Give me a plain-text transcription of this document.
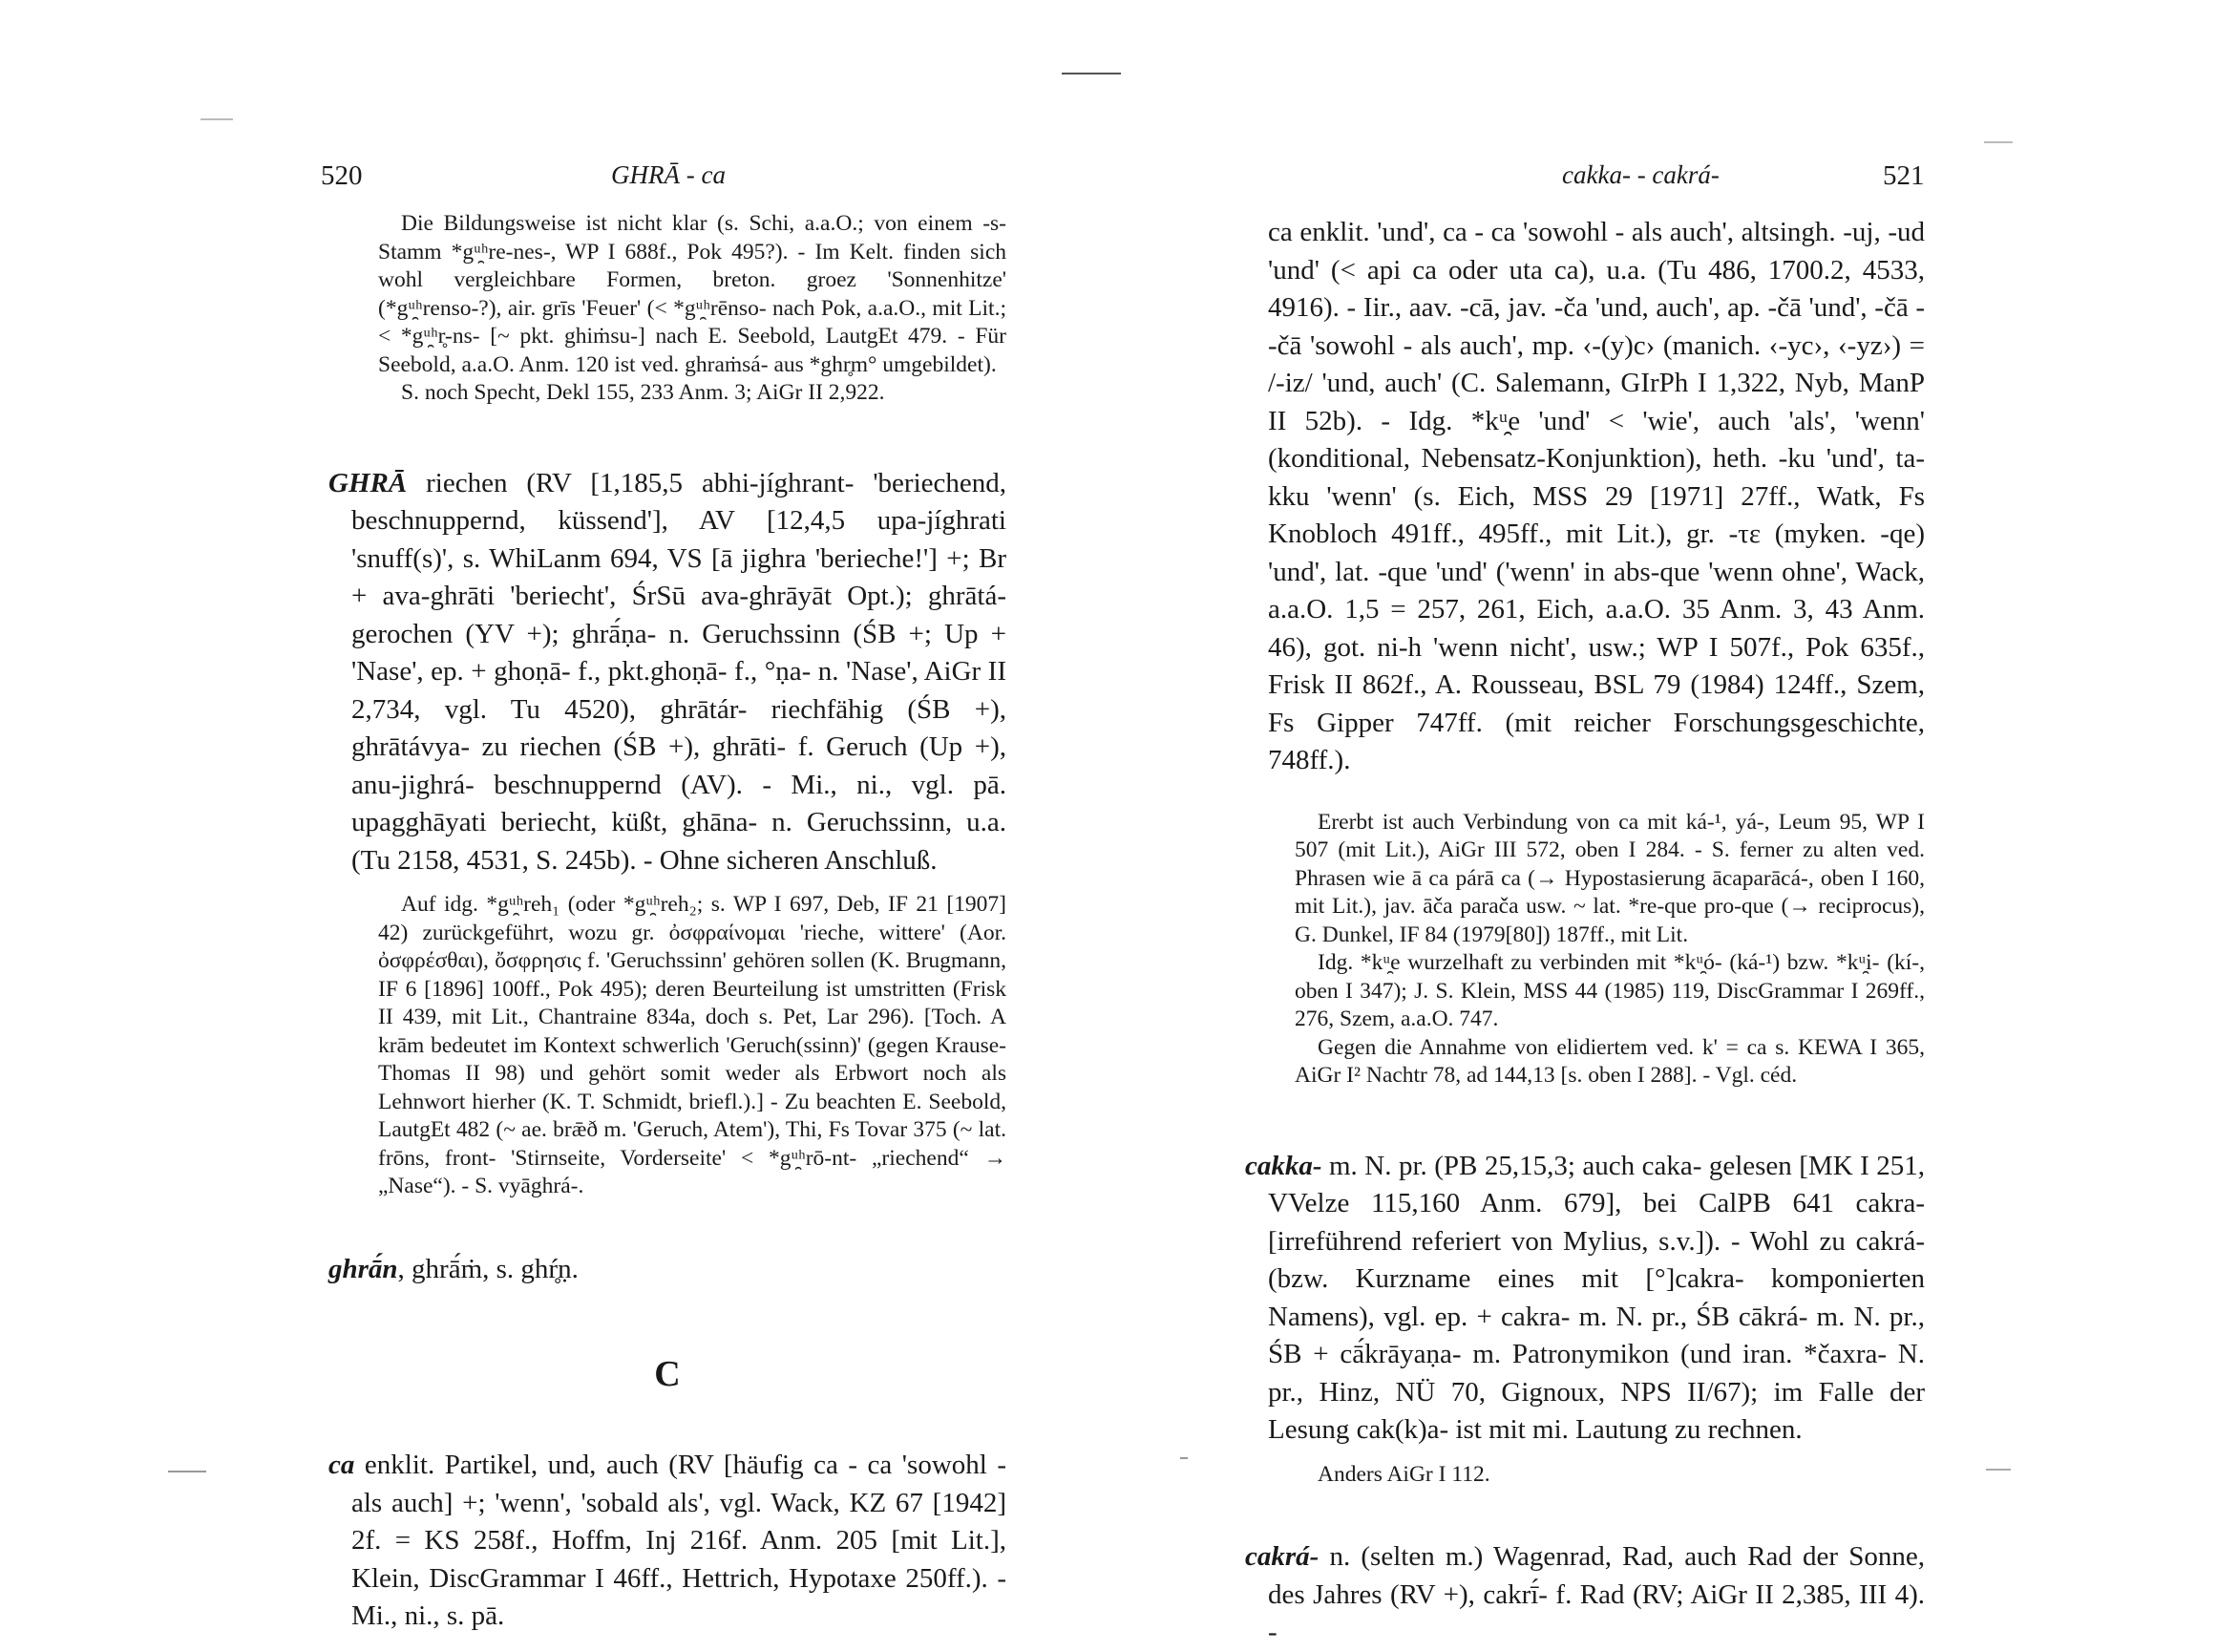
520	GHRĀ - ca

Die Bildungsweise ist nicht klar (s. Schi, a.a.O.; von einem -s-Stamm *gᵘ̯ʰre-nes-, WP I 688f., Pok 495?). - Im Kelt. finden sich wohl vergleichbare Formen, breton. groez 'Sonnenhitze' (*gᵘ̯ʰrenso-?), air. grīs 'Feuer' (< *gᵘ̯ʰrēnso- nach Pok, a.a.O., mit Lit.; < *gᵘ̯ʰr̥-ns- [~ pkt. ghiṁsu-] nach E. Seebold, LautgEt 479. - Für Seebold, a.a.O. Anm. 120 ist ved. ghraṁsá- aus *ghr̥m° umgebildet).

S. noch Specht, Dekl 155, 233 Anm. 3; AiGr II 2,922.

GHRĀ riechen (RV [1,185,5 abhi-jíghrant- 'beriechend, beschnuppernd, küssend'], AV [12,4,5 upa-jíghrati 'snuff(s)', s. WhiLanm 694, VS [ā jighra 'berieche!'] +; Br + ava-ghrāti 'beriecht', ŚrSū ava-ghrāyāt Opt.); ghrātá- gerochen (YV +); ghrā́ṇa- n. Geruchssinn (ŚB +; Up + 'Nase', ep. + ghoṇā- f., pkt.ghoṇā- f., °ṇa- n. 'Nase', AiGr II 2,734, vgl. Tu 4520), ghrātár- riechfähig (ŚB +), ghrātávya- zu riechen (ŚB +), ghrāti- f. Geruch (Up +), anu-jighrá- beschnuppernd (AV). - Mi., ni., vgl. pā. upagghāyati beriecht, küßt, ghāna- n. Geruchssinn, u.a. (Tu 2158, 4531, S. 245b). - Ohne sicheren Anschluß.

Auf idg. *gᵘ̯ʰreh₁ (oder *gᵘ̯ʰreh₂; s. WP I 697, Deb, IF 21 [1907] 42) zurückgeführt, wozu gr. ὀσφραίνομαι 'rieche, wittere' (Aor. ὀσφρέσθαι), ὄσφρησις f. 'Geruchssinn' gehören sollen (K. Brugmann, IF 6 [1896] 100ff., Pok 495); deren Beurteilung ist umstritten (Frisk II 439, mit Lit., Chantraine 834a, doch s. Pet, Lar 296). [Toch. A krām bedeutet im Kontext schwerlich 'Geruch(ssinn)' (gegen Krause-Thomas II 98) und gehört somit weder als Erbwort noch als Lehnwort hierher (K. T. Schmidt, briefl.).] - Zu beachten E. Seebold, LautgEt 482 (~ ae. brǣð m. 'Geruch, Atem'), Thi, Fs Tovar 375 (~ lat. frōns, front- 'Stirnseite, Vorderseite' < *gᵘ̯ʰrō-nt- „riechend“ → „Nase“). - S. vyāghrá-.

ghrā́n, ghrā́ṁ, s. ghŕ̥ṇ.

C

ca enklit. Partikel, und, auch (RV [häufig ca - ca 'sowohl - als auch] +; 'wenn', 'sobald als', vgl. Wack, KZ 67 [1942] 2f. = KS 258f., Hoffm, Inj 216f. Anm. 205 [mit Lit.], Klein, DiscGrammar I 46ff., Hettrich, Hypotaxe 250ff.). - Mi., ni., s. pā.

cakka- - cakrá-	521

ca enklit. 'und', ca - ca 'sowohl - als auch', altsingh. -uj, -ud 'und' (< api ca oder uta ca), u.a. (Tu 486, 1700.2, 4533, 4916). - Iir., aav. -cā, jav. -ča 'und, auch', ap. -čā 'und', -čā - -čā 'sowohl - als auch', mp. ‹-(y)c› (manich. ‹-yc›, ‹-yz›) = /-iz/ 'und, auch' (C. Salemann, GIrPh I 1,322, Nyb, ManP II 52b). - Idg. *kᵘ̯e 'und' < 'wie', auch 'als', 'wenn' (konditional, Nebensatz-Konjunktion), heth. -ku 'und', ta-kku 'wenn' (s. Eich, MSS 29 [1971] 27ff., Watk, Fs Knobloch 491ff., 495ff., mit Lit.), gr. -τε (myken. -qe) 'und', lat. -que 'und' ('wenn' in abs-que 'wenn ohne', Wack, a.a.O. 1,5 = 257, 261, Eich, a.a.O. 35 Anm. 3, 43 Anm. 46), got. ni-h 'wenn nicht', usw.; WP I 507f., Pok 635f., Frisk II 862f., A. Rousseau, BSL 79 (1984) 124ff., Szem, Fs Gipper 747ff. (mit reicher Forschungsgeschichte, 748ff.).

Ererbt ist auch Verbindung von ca mit ká-¹, yá-, Leum 95, WP I 507 (mit Lit.), AiGr III 572, oben I 284. - S. ferner zu alten ved. Phrasen wie ā ca párā ca (→ Hypostasierung ācaparācá-, oben I 160, mit Lit.), jav. āča parača usw. ~ lat. *re-que pro-que (→ reciprocus), G. Dunkel, IF 84 (1979[80]) 187ff., mit Lit.

Idg. *kᵘ̯e wurzelhaft zu verbinden mit *kᵘ̯ó- (ká-¹) bzw. *kᵘ̯i- (kí-, oben I 347); J. S. Klein, MSS 44 (1985) 119, DiscGrammar I 269ff., 276, Szem, a.a.O. 747.

Gegen die Annahme von elidiertem ved. k' = ca s. KEWA I 365, AiGr I² Nachtr 78, ad 144,13 [s. oben I 288]. - Vgl. céd.

cakka- m. N. pr. (PB 25,15,3; auch caka- gelesen [MK I 251, VVelze 115,160 Anm. 679], bei CalPB 641 cakra- [irreführend referiert von Mylius, s.v.]). - Wohl zu cakrá- (bzw. Kurzname eines mit [°]cakra- komponierten Namens), vgl. ep. + cakra- m. N. pr., ŚB cākrá- m. N. pr., ŚB + cā́krāyaṇa- m. Patronymikon (und iran. *čaxra- N. pr., Hinz, NÜ 70, Gignoux, NPS II/67); im Falle der Lesung cak(k)a- ist mit mi. Lautung zu rechnen.

Anders AiGr I 112.

cakrá- n. (selten m.) Wagenrad, Rad, auch Rad der Sonne, des Jahres (RV +), cakrī́- f. Rad (RV; AiGr II 2,385, III 4). -
